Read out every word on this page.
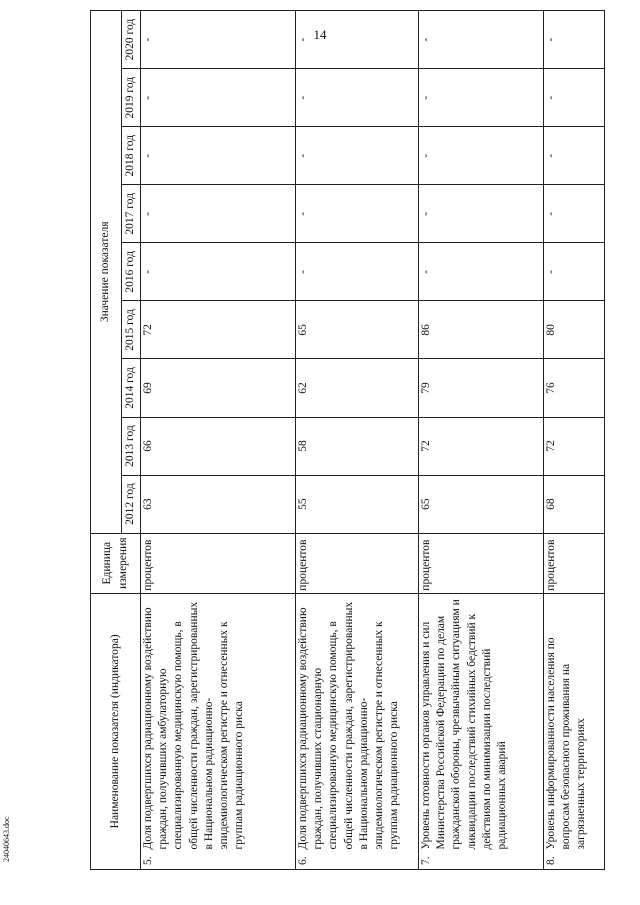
14
Наименование показателя (индикатора)		Единица измерения	Значение показателя								
			2012 год	2013 год	2014 год	2015 год	2016 год	2017 год	2018 год	2019 год	2020 год
5.	Доля подвергшихся радиационному воздействию граждан, получивших амбулаторную специализированную медицинскую помощь, в общей численности граждан, зарегистрированных в Национальном радиационно-эпидемиологическом регистре и отнесенных к группам радиационного риска	процентов	63	66	69	72	-	-	-	-	-
6.	Доля подвергшихся радиационному воздействию граждан, получивших стационарную специализированную медицинскую помощь, в общей численности граждан, зарегистрированных в Национальном радиационно-эпидемиологическом регистре и отнесенных к группам радиационного риска	процентов	55	58	62	65	-	-	-	-	-
7.	Уровень готовности органов управления и сил Министерства Российской Федерации по делам гражданской обороны, чрезвычайным ситуациям и ликвидации последствий стихийных бедствий к действиям по минимизации последствий радиационных аварий	процентов	65	72	79	86	-	-	-	-	-
8.	Уровень информированности населения по вопросам безопасного проживания на загрязненных территориях	процентов	68	72	76	80	-	-	-	-	-
24040643.doc
